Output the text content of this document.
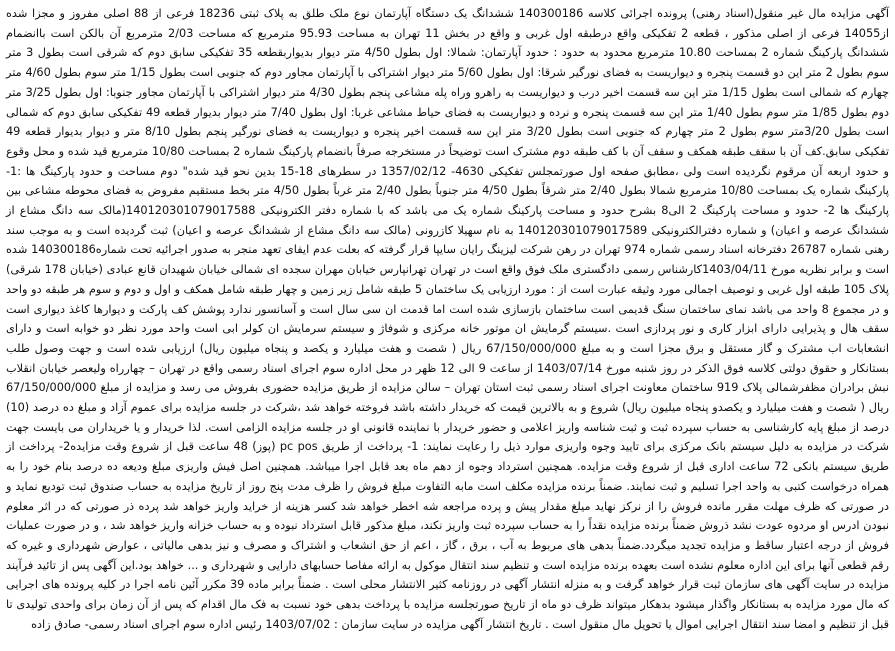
آگهی مزایده مال غیر منقول(اسناد رهنی) پرونده اجرائی کلاسه 140300186 ششدانگ یک دستگاه آپارتمان نوع ملک طلق به پلاک ثبتی 18236 فرعی از 88 اصلی مفروز و مجزا شده از14055 فرعی از اصلی مذکور ، قطعه 2 تفکیکی واقع درطبقه اول غربی و واقع در بخش 11 تهران به مساحت 95.93 مترمربع که مساحت 2/03 مترمربع آن بالکن است باانضمام ششدانگ پارکینگ شماره 2 بمساحت 10.80 مترمربع محدود به حدود : حدود آپارتمان: شمالا: اول بطول 4/50 متر دیوار بدیواربقطعه 35 تفکیکی سابق دوم که شرقی است بطول 3 متر سوم بطول 2 متر این دو قسمت پنجره و دیواریست به فضای نورگیر شرقا: اول بطول 5/60 متر دیوار اشتراکی با آپارتمان مجاور دوم که جنوبی است بطول 1/15 متر سوم بطول 4/60 متر چهارم که شمالی است بطول 1/15 متر این سه قسمت اخیر درب و دیواریست به راهرو وراه پله مشاعی پنجم بطول 4/30 متر دیوار اشتراکی با آپارتمان مجاور جنوبا: اول بطول 3/25 متر دوم بطول 1/85 متر سوم بطول 1/40 متر این سه قسمت پنجره و نرده و دیواریست به فضای حیاط مشاعی غربا: اول بطول 7/40 متر دیوار بدیوار قطعه 49 تفکیکی سابق دوم که شمالی است بطول 3/20متر سوم بطول 2 متر چهارم که جنوبی است بطول 3/20 متر این سه قسمت اخیر پنجره و دیواریست به فضای نورگیر پنجم بطول 8/10 متر و دیوار بدیوار قطعه 49 تفکیکی سابق.کف آن با سقف طبقه همکف و سقف آن با کف طبقه دوم مشترک است توضیحاً در مستخرجه صرفاً بانضمام پارکینگ شماره 2 بمساحت 10/80 مترمربع قید شده و محل وقوع و حدود اربعه آن مرقوم نگردیده است ولی ،مطابق صفحه اول صورتمجلس تفکیکی 4630- 1357/02/12 در سطرهای 18-15 بدین نحو قید شده" دوم مساحت و حدود پارکینگ ها :1- پارکینگ شماره یک بمساحت 10/80 مترمربع شمالا بطول 2/40 متر شرقاً بطول 4/50 متر جنوباً بطول 2/40 متر غرباً بطول 4/50 متر بخط مستقیم مفروض به فضای محوطه مشاعی بین پارکینگ ها 2- حدود و مساحت پارکینگ 2 الی8 بشرح حدود و مساحت پارکینگ شماره یک می باشد که با شماره دفتر الکترونیکی 140120301079017588(مالک سه دانگ مشاع از ششدانگ عرصه و اعیان) و شماره دفترالکترونیکی 140120301079017589 به نام سهیلا کازرونی (مالک سه دانگ مشاع از ششدانگ عرصه و اعیان) ثبت گردیده است و به موجب سند رهنی شماره 26787 دفترخانه اسناد رسمی شماره 974 تهران در رهن شرکت لیزینگ رایان سایپا قرار گرفته که بعلت عدم ایفای تعهد منجر به صدور اجرائیه تحت شماره140300186 شده است و برابر نظریه مورخ 1403/04/11کارشناس رسمی دادگستری ملک فوق واقع است در تهران تهرانپارس خیابان مهران سجده ای شمالی خیابان شهیدان قانع عبادی (خیابان 178 شرقی) پلاک 105 طبقه اول غربی و توصیف اجمالی مورد وثیقه عبارت است از : مورد ارزیابی یک ساختمان 5 طبقه شامل زیر زمین و چهار طبقه شامل همکف و اول و دوم و سوم هر طبقه دو واحد و در مجموع 8 واحد می باشد نمای ساختمان سنگ قدیمی است ساختمان بازسازی شده است اما قدمت ان سی سال است و آسانسور ندارد پوشش کف پارکت و دیوارها کاغذ دیواری است سقف هال و پذیرایی دارای ابزار کاری و نور پردازی است .سیستم گرمایش ان موتور خانه مرکزی و شوفاژ و سیستم سرمایش ان کولر ابی است واحد مورد نظر دو خوابه است و دارای انشعابات اب مشترک و گاز مستقل و برق مجزا است و به مبلغ 67/150/000/000 ریال ( شصت و هفت میلیارد و یکصد و پنجاه میلیون ریال) ارزیابی شده است و جهت وصول طلب بستانکار و حقوق دولتی کلاسه فوق الذکر در روز شنبه مورخ 1403/07/14 از ساعت 9 الی 12 ظهر در محل اداره سوم اجرای اسناد رسمی واقع در تهران – چهارراه ولیعصر خیابان انقلاب نبش برادران مظفرشمالی پلاک 919 ساختمان معاونت اجرای اسناد رسمی ثبت استان تهران – سالن مزایده از طریق مزایده حضوری بفروش می رسد و مزایده از مبلغ 67/150/000/000 ریال ( شصت و هفت میلیارد و یکصدو پنجاه میلیون ریال) شروع و به بالاترین قیمت که خریدار داشته باشد فروخته خواهد شد ،شرکت در جلسه مزایده برای عموم آزاد و مبلغ ده درصد (10) درصد از مبلغ پایه کارشناسی به حساب سپرده ثبت و ثبت شناسه واریز اعلامی و حضور خریدار با نماینده قانونی او در جلسه مزایده الزامی است. لذا خریدار و یا خریداران می بایست جهت شرکت در مزایده به دلیل سیستم بانک مرکزی برای تایید وجوه واریزی موارد ذیل را رعایت نمایند: 1- پرداخت از طریق pc pos (پوز) 48 ساعت قبل از شروع وقت مزایده2- پرداخت از طریق سیستم بانکی 72 ساعت اداری قبل از شروع وقت مزایده. همچنین استرداد وجوه از دهم ماه بعد قابل اجرا میباشد. همچنین اصل فیش واریزی مبلغ ودیعه ده درصد بنام خود را به همراه درخواست کتبی به واحد اجرا تسلیم و ثبت نمایند. ضمناً برنده مزایده مکلف است مابه التفاوت مبلغ فروش را ظرف مدت پنج روز از تاریخ مزایده به حساب صندوق ثبت تودیع نماید و در صورتی که ظرف مهلت مقرر مانده فروش را از نرکز نهاید میلغ مقدار پیش و پرده مراجعه شه اخطر خواهد شد کسر هزینه از خراید واریز خواهد شد پرده ذر صورتی که در اثر معلوم نبودن ادرس او مردوه عودت نشد ذروش ضمناً برنده مزایده نقداً را به حساب سپرده ثبت واریز نکند، مبلغ مذکور قابل استرداد نبوده و به حساب خزانه واریز خواهد شد ، و در صورت عملیات فروش از درجه اعتبار ساقط و مزایده تجدید میگردد.ضمناً بدهی های مربوط به آب ، برق ، گاز ، اعم از حق انشعاب و اشتراک و مصرف و نیز بدهی مالیاتی ، عوارض شهرداری و غیره که رقم قطعی آنها برای این اداره معلوم نشده است بعهده برنده مزایده است و تنظیم سند انتقال موکول به ارائه مفاصا حسابهای دارایی و شهرداری و ... خواهد بود.این آگهی پس از تائید فرآیند مزایده در سایت آگهی های سازمان ثبت قرار خواهد گرفت و به منزله انتشار آگهی در روزنامه کثیر الانتشار محلی است . ضمناً برابر ماده 39 مکرر آئین نامه اجرا در کلیه پرونده های اجرایی که مال مورد مزایده به بستانکار واگذار میشود بدهکار میتواند ظرف دو ماه از تاریخ صورتجلسه مزایده با پرداخت بدهی خود نسبت به فک مال اقدام که پس از آن زمان برای واحدی تولیدی تا قبل از تنظیم و امضا سند انتقال اجرایی اموال یا تحویل مال منقول است . تاریخ انتشار آگهی مزایده در سایت سازمان : 1403/07/02 رئیس اداره سوم اجرای اسناد رسمی- صادق زاده
